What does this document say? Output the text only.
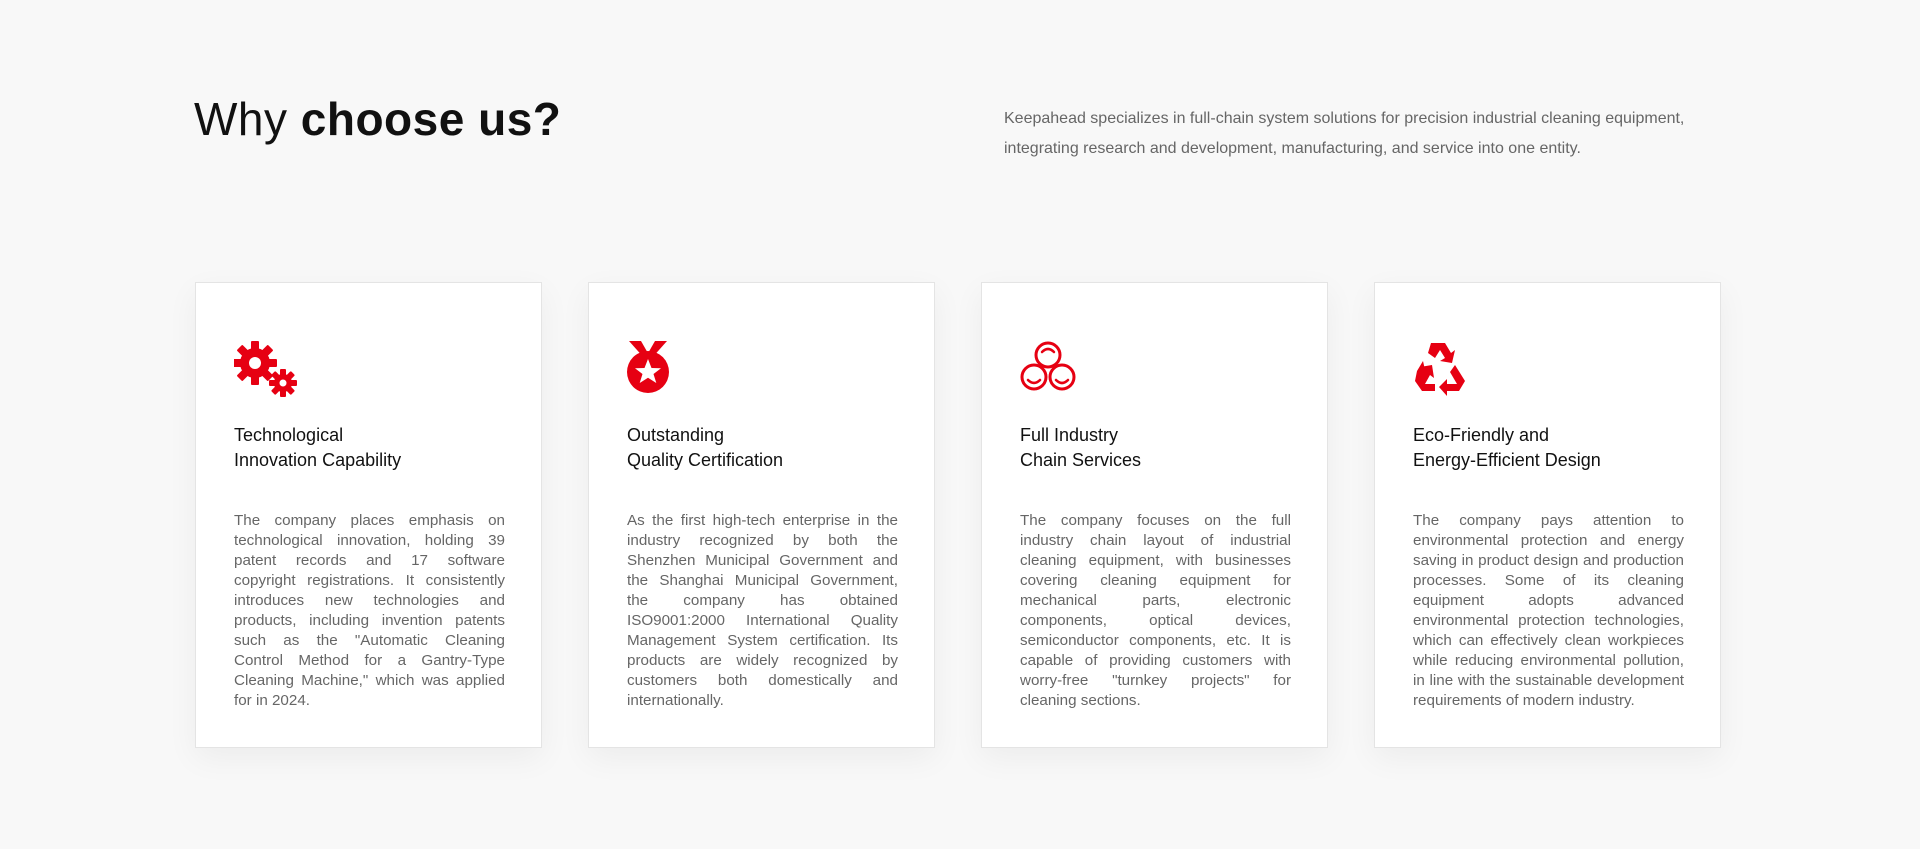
Why choose us?	Keepahead specializes in full-chain system solutions for precision industrial cleaning equipment, integrating research and development, manufacturing, and service into one entity.

Technological
Innovation Capability

The company places emphasis on technological innovation, holding 39 patent records and 17 software copyright registrations. It consistently introduces new technologies and products, including invention patents such as the "Automatic Cleaning Control Method for a Gantry-Type Cleaning Machine," which was applied for in 2024.

Outstanding
Quality Certification

As the first high-tech enterprise in the industry recognized by both the Shenzhen Municipal Government and the Shanghai Municipal Government, the company has obtained ISO9001:2000 International Quality Management System certification. Its products are widely recognized by customers both domestically and internationally.

Full Industry
Chain Services

The company focuses on the full industry chain layout of industrial cleaning equipment, with businesses covering cleaning equipment for mechanical parts, electronic components, optical devices, semiconductor components, etc. It is capable of providing customers with worry-free "turnkey projects" for cleaning sections.

Eco-Friendly and
Energy-Efficient Design

The company pays attention to environmental protection and energy saving in product design and production processes. Some of its cleaning equipment adopts advanced environmental protection technologies, which can effectively clean workpieces while reducing environmental pollution, in line with the sustainable development requirements of modern industry.
